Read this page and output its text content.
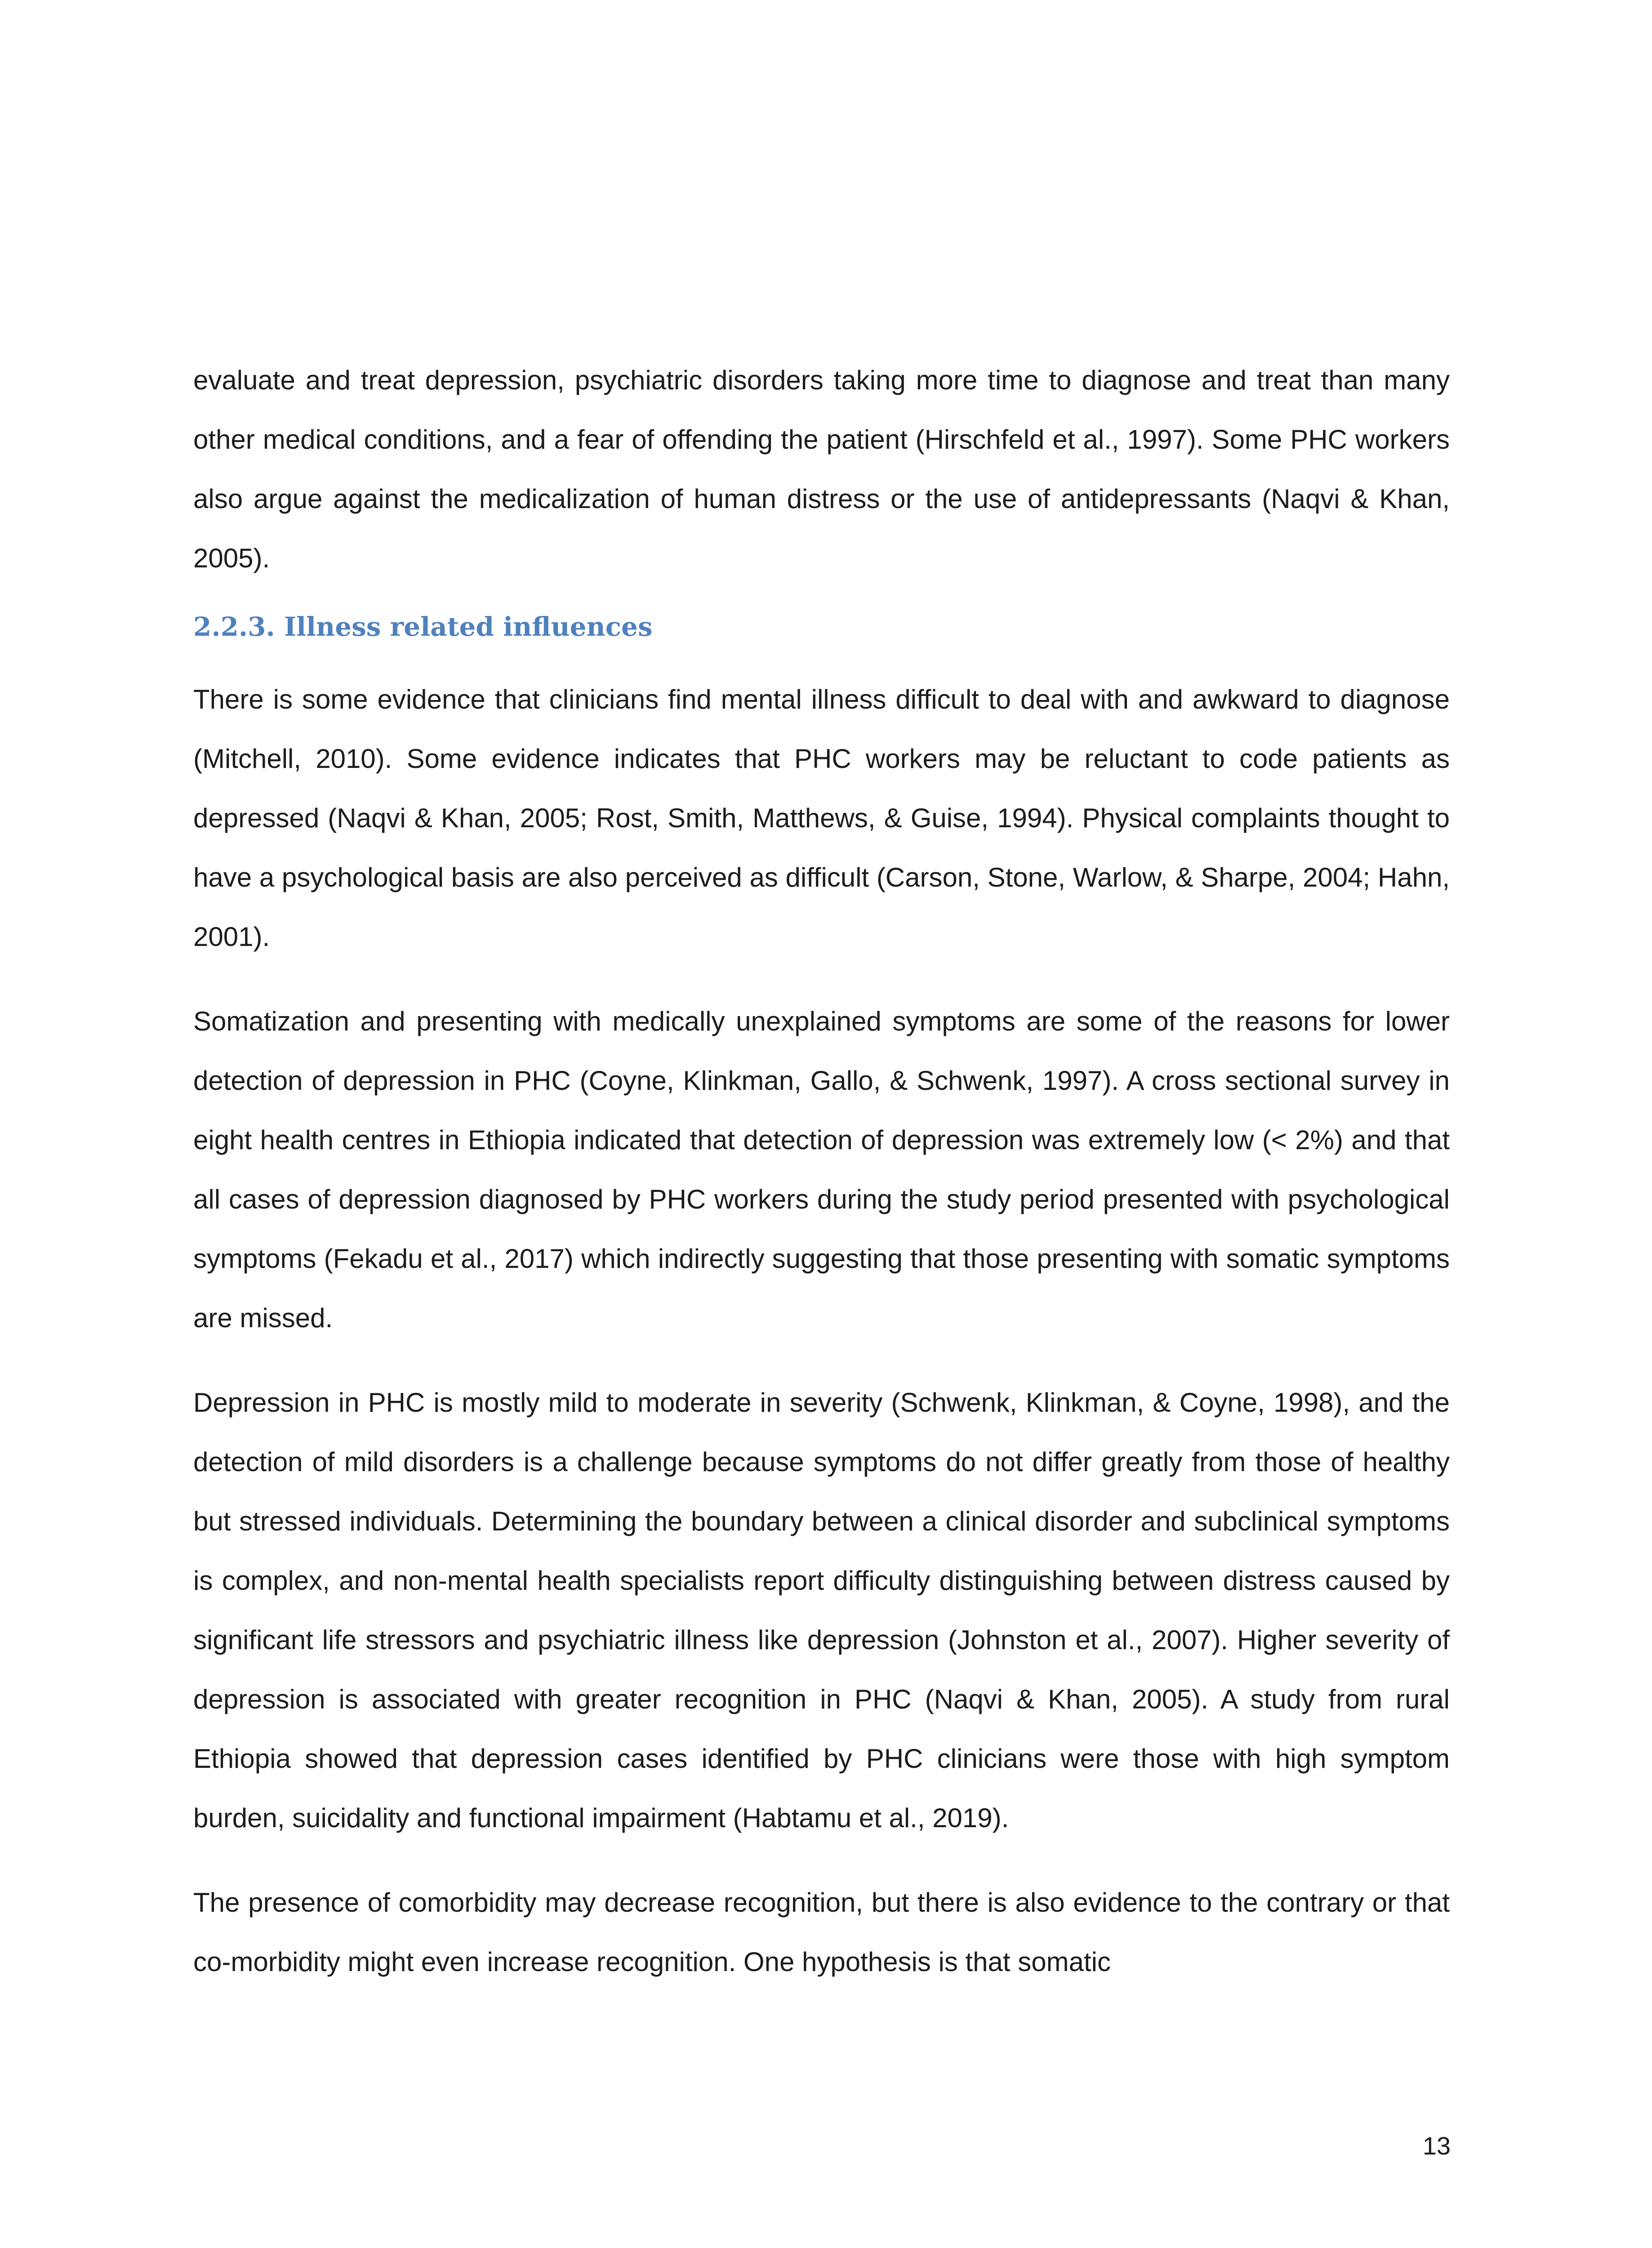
evaluate and treat depression, psychiatric disorders taking more time to diagnose and treat than many other medical conditions, and a fear of offending the patient (Hirschfeld et al., 1997). Some PHC workers also argue against the medicalization of human distress or the use of antidepressants (Naqvi & Khan, 2005).

2.2.3. Illness related influences

There is some evidence that clinicians find mental illness difficult to deal with and awkward to diagnose (Mitchell, 2010). Some evidence indicates that PHC workers may be reluctant to code patients as depressed (Naqvi & Khan, 2005; Rost, Smith, Matthews, & Guise, 1994). Physical complaints thought to have a psychological basis are also perceived as difficult (Carson, Stone, Warlow, & Sharpe, 2004; Hahn, 2001).

Somatization and presenting with medically unexplained symptoms are some of the reasons for lower detection of depression in PHC (Coyne, Klinkman, Gallo, & Schwenk, 1997). A cross sectional survey in eight health centres in Ethiopia indicated that detection of depression was extremely low (< 2%) and that all cases of depression diagnosed by PHC workers during the study period presented with psychological symptoms (Fekadu et al., 2017) which indirectly suggesting that those presenting with somatic symptoms are missed.

Depression in PHC is mostly mild to moderate in severity (Schwenk, Klinkman, & Coyne, 1998), and the detection of mild disorders is a challenge because symptoms do not differ greatly from those of healthy but stressed individuals. Determining the boundary between a clinical disorder and subclinical symptoms is complex, and non-mental health specialists report difficulty distinguishing between distress caused by significant life stressors and psychiatric illness like depression (Johnston et al., 2007). Higher severity of depression is associated with greater recognition in PHC (Naqvi & Khan, 2005). A study from rural Ethiopia showed that depression cases identified by PHC clinicians were those with high symptom burden, suicidality and functional impairment (Habtamu et al., 2019).

The presence of comorbidity may decrease recognition, but there is also evidence to the contrary or that co-morbidity might even increase recognition. One hypothesis is that somatic

13
